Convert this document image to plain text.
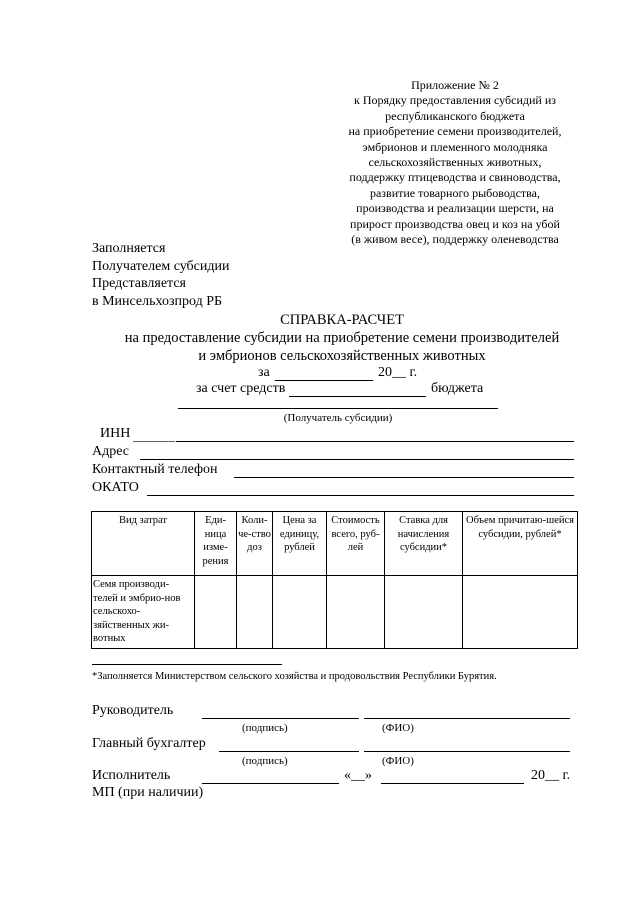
Приложение № 2
к Порядку предоставления субсидий из
республиканского бюджета
на приобретение семени производителей,
эмбрионов и племенного молодняка
сельскохозяйственных животных,
поддержку птицеводства и свиноводства,
развитие товарного рыбоводства,
производства и реализации шерсти, на
прирост производства овец и коз на убой
(в живом весе), поддержку оленеводства
Заполняется
Получателем субсидии
Представляется
в Минсельхозпрод РБ
СПРАВКА-РАСЧЕТ
на предоставление субсидии на приобретение семени производителей
и эмбрионов сельскохозяйственных животных
за	20__ г.
за счет средств	бюджета
(Получатель субсидии)
ИНН
Адрес
Контактный телефон
ОКАТО
Вид затрат	Еди-ница изме-рения	Коли-че-ство доз	Цена за единицу, рублей	Стоимость всего, руб-лей	Ставка для начисления субсидии*	Объем причитаю-шейся субсидии, рублей*
Семя производи-телей и эмбрио-нов сельскохо-зяйственных жи-вотных						
*Заполняется Министерством сельского хозяйства и продовольствия Республики Бурятия.
Руководитель
(подпись)	(ФИО)
Главный бухгалтер
(подпись)	(ФИО)
Исполнитель	«__»	20__ г.
МП (при наличии)
